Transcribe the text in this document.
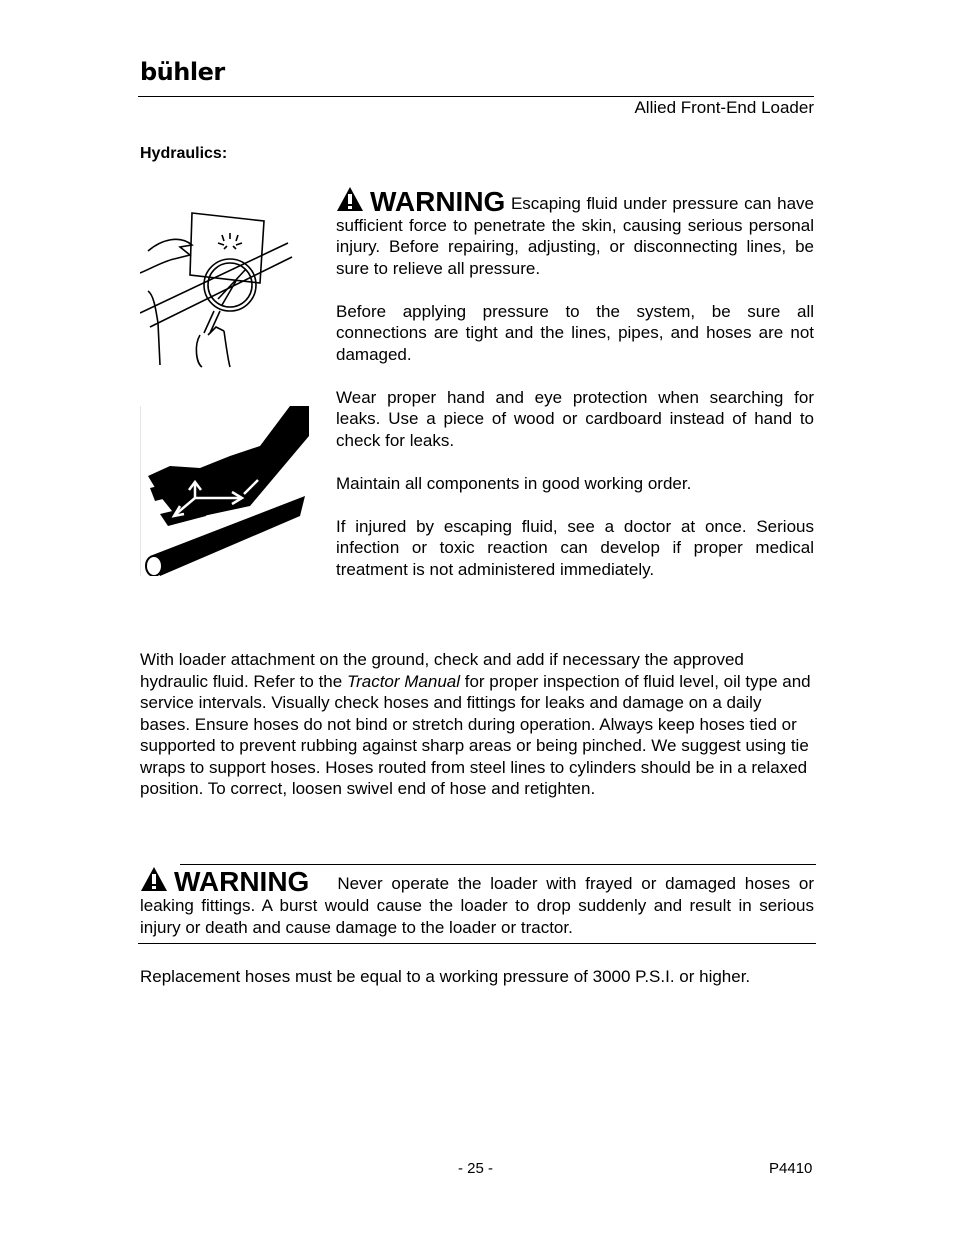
bühler
Allied Front-End Loader
Hydraulics:

WARNING Escaping fluid under pressure can have sufficient force to penetrate the skin, causing serious personal injury. Before repairing, adjusting, or disconnecting lines, be sure to relieve all pressure.

Before applying pressure to the system, be sure all connections are tight and the lines, pipes, and hoses are not damaged.

Wear proper hand and eye protection when searching for leaks. Use a piece of wood or cardboard instead of hand to check for leaks.

Maintain all components in good working order.

If injured by escaping fluid, see a doctor at once. Serious infection or toxic reaction can develop if proper medical treatment is not administered immediately.

With loader attachment on the ground, check and add if necessary the approved hydraulic fluid. Refer to the Tractor Manual for proper inspection of fluid level, oil type and service intervals. Visually check hoses and fittings for leaks and damage on a daily bases. Ensure hoses do not bind or stretch during operation. Always keep hoses tied or supported to prevent rubbing against sharp areas or being pinched. We suggest using tie wraps to support hoses. Hoses routed from steel lines to cylinders should be in a relaxed position. To correct, loosen swivel end of hose and retighten.
WARNING Never operate the loader with frayed or damaged hoses or leaking fittings. A burst would cause the loader to drop suddenly and result in serious injury or death and cause damage to the loader or tractor.
Replacement hoses must be equal to a working pressure of 3000 P.S.I. or higher.
- 25 -	P4410
